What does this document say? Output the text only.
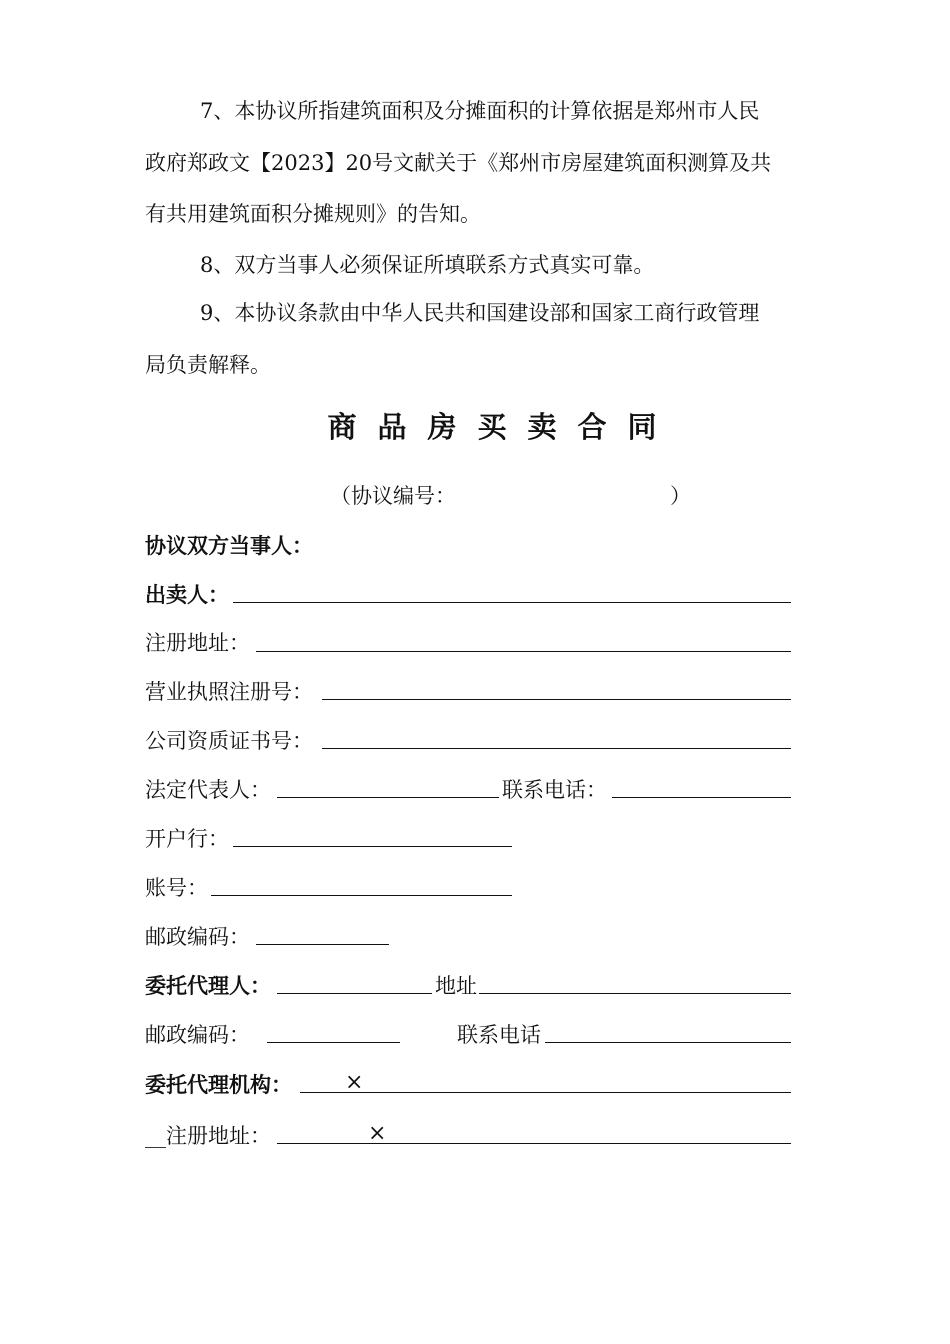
7、本协议所指建筑面积及分摊面积的计算依据是郑州市人民
政府郑政文【2023】20号文献关于《郑州市房屋建筑面积测算及共
有共用建筑面积分摊规则》的告知。
8、双方当事人必须保证所填联系方式真实可靠。
9、本协议条款由中华人民共和国建设部和国家工商行政管理
局负责解释。
商品房买卖合同
（协议编号：	）
协议双方当事人：
出卖人：
注册地址：
营业执照注册号：
公司资质证书号：
法定代表人：	联系电话：
开户行：
账号：
邮政编码：
委托代理人：	地址
邮政编码：	联系电话
委托代理机构： ×
__ 注册地址：	×
